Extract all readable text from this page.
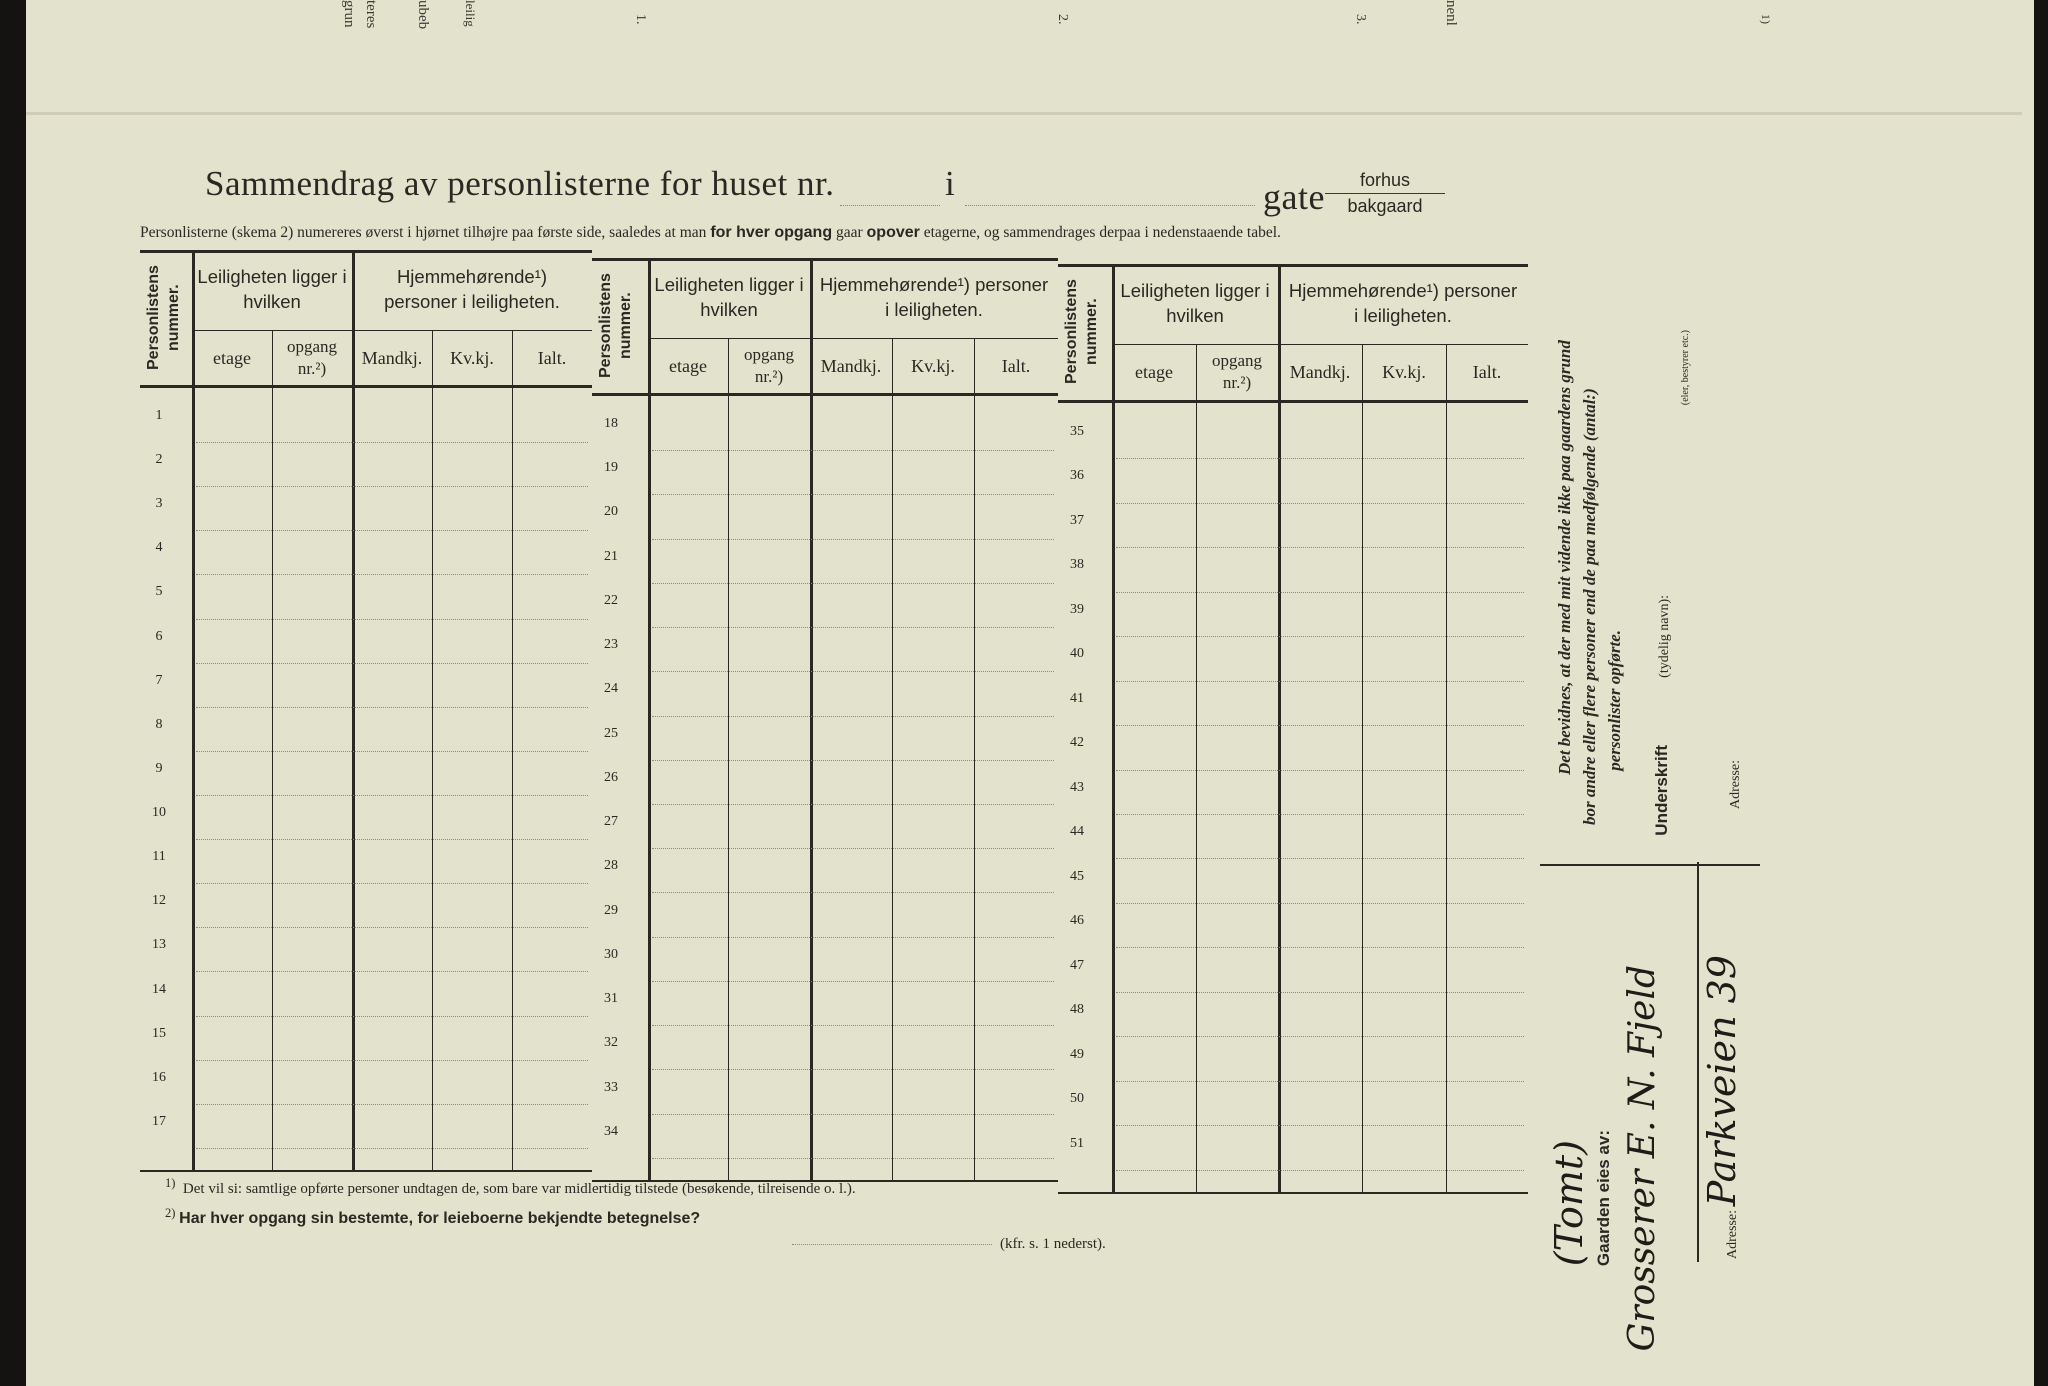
grun teres ubeb leilig	1.	2.	3.	nenl	1)
Sammendrag av personlisterne for huset nr.	i	gate	forhus
bakgaard
Personlisterne (skema 2) numereres øverst i hjørnet tilhøjre paa første side, saaledes at man for hver opgang gaar opover etagerne, og sammendrages derpaa i nedenstaaende tabel.
Personlistens nummer.
Leiligheten ligger i hvilken
Hjemmehørende¹) personer i leiligheten.
etage
opgang nr.²)
Mandkj.	Kv.kj.	Ialt.
1
2
3
4
5
6
7
8
9
10
11
12
13
14
15
16
17
Personlistens nummer.
Leiligheten ligger i hvilken
Hjemmehørende¹) personer i leiligheten.
etage
opgang nr.²)
Mandkj.	Kv.kj.	Ialt.
18
19
20
21
22
23
24
25
26
27
28
29
30
31
32
33
34
Personlistens nummer.
Leiligheten ligger i hvilken
Hjemmehørende¹) personer i leiligheten.
etage
opgang nr.²)
Mandkj.	Kv.kj.	Ialt.
35
36
37
38
39
40
41
42
43
44
45
46
47
48
49
50
51
$^{1)}$ Det vil si: samtlige opførte personer undtagen de, som bare var midlertidig tilstede (besøkende, tilreisende o. l.).
$^{2)}$ Har hver opgang sin bestemte, for leieboerne bekjendte betegnelse?
(kfr. s. 1 nederst).
Det bevidnes, at der med mit vidende ikke paa gaardens grund bor andre eller flere personer end de paa medfølgende (antal:) personlister opførte.
Underskrift
(tydelig navn):
(eler, bestyrer etc.)
Adresse:
Gaarden eies av:	Adresse:
(Tomt) Grosserer E. N. Fjeld Parkveien 39
